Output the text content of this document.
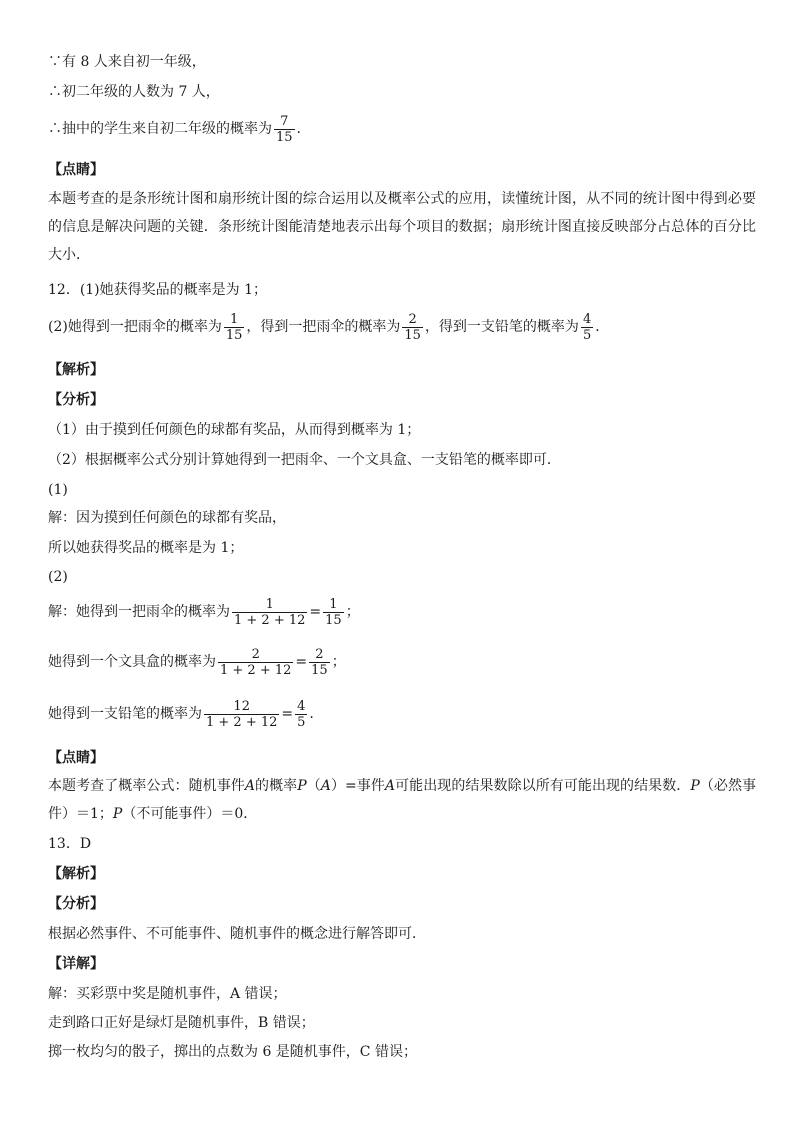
∵有 8 人来自初一年级，
∴初二年级的人数为 7 人，
∴抽中的学生来自初二年级的概率为 $\frac{7}{15}$ .
【点睛】
本题考查的是条形统计图和扇形统计图的综合运用以及概率公式的应用，读懂统计图，从不同的统计图中得到必要的信息是解决问题的关键．条形统计图能清楚地表示出每个项目的数据；扇形统计图直接反映部分占总体的百分比大小．
12．(1)她获得奖品的概率是为 1；
(2)她得到一把雨伞的概率为 $\frac{1}{15}$ ，得到一把雨伞的概率为 $\frac{2}{15}$ ，得到一支铅笔的概率为 $\frac{4}{5}$ ．
【解析】
【分析】
（1）由于摸到任何颜色的球都有奖品，从而得到概率为 1；
（2）根据概率公式分别计算她得到一把雨伞、一个文具盒、一支铅笔的概率即可．
(1)
解：因为摸到任何颜色的球都有奖品，
所以她获得奖品的概率是为 1；
(2)
解：她得到一把雨伞的概率为 $\frac{1}{1 + 2 + 12} = \frac{1}{15}$ ；
她得到一个文具盒的概率为 $\frac{2}{1 + 2 + 12} = \frac{2}{15}$ ；
她得到一支铅笔的概率为 $\frac{12}{1 + 2 + 12} = \frac{4}{5}$ .
【点睛】
本题考查了概率公式：随机事件A的概率P（A）=事件A可能出现的结果数除以所有可能出现的结果数．P（必然事件）＝1；P（不可能事件）＝0．
13．D
【解析】
【分析】
根据必然事件、不可能事件、随机事件的概念进行解答即可．
【详解】
解：买彩票中奖是随机事件，A 错误；
走到路口正好是绿灯是随机事件，B 错误；
掷一枚均匀的骰子，掷出的点数为 6 是随机事件，C 错误；
